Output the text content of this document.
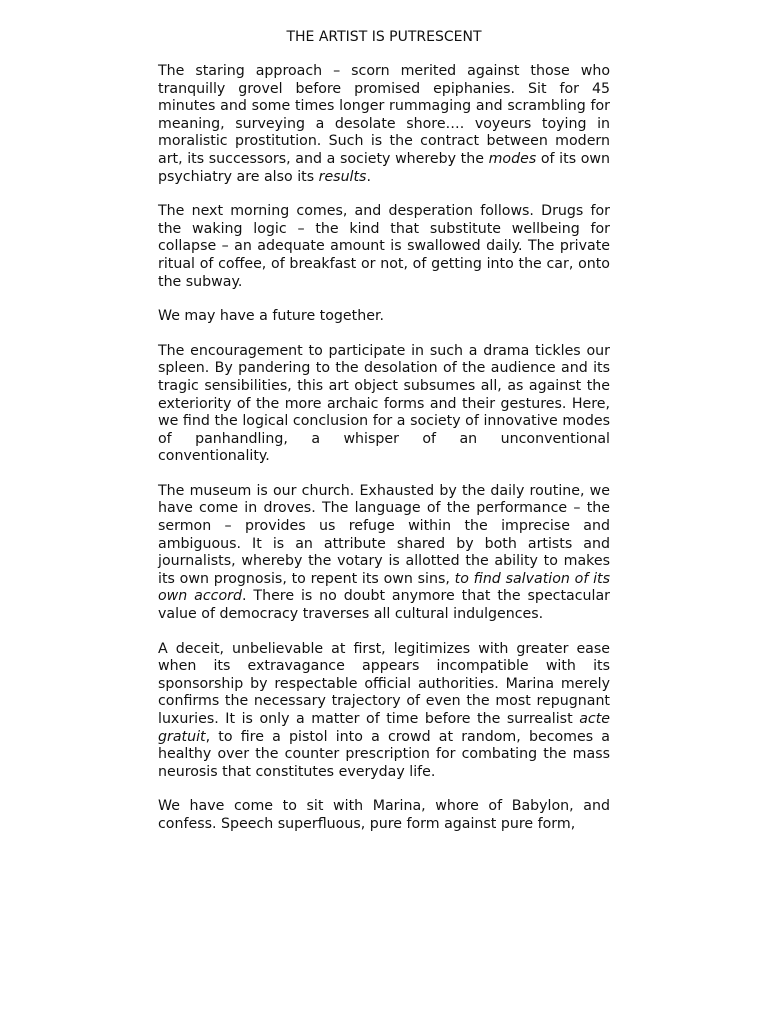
THE ARTIST IS PUTRESCENT

The staring approach – scorn merited against those who tranquilly grovel before promised epiphanies. Sit for 45 minutes and some times longer rummaging and scrambling for meaning, surveying a desolate shore…. voyeurs toying in moralistic prostitution. Such is the contract between modern art, its successors, and a society whereby the modes of its own psychiatry are also its results.

The next morning comes, and desperation follows. Drugs for the waking logic – the kind that substitute wellbeing for collapse – an adequate amount is swallowed daily. The private ritual of coffee, of breakfast or not, of getting into the car, onto the subway.

We may have a future together.

The encouragement to participate in such a drama tickles our spleen. By pandering to the desolation of the audience and its tragic sensibilities, this art object subsumes all, as against the exteriority of the more archaic forms and their gestures. Here, we find the logical conclusion for a society of innovative modes of panhandling, a whisper of an unconventional conventionality.

The museum is our church. Exhausted by the daily routine, we have come in droves. The language of the performance – the sermon – provides us refuge within the imprecise and ambiguous. It is an attribute shared by both artists and journalists, whereby the votary is allotted the ability to makes its own prognosis, to repent its own sins, to find salvation of its own accord. There is no doubt anymore that the spectacular value of democracy traverses all cultural indulgences.

A deceit, unbelievable at first, legitimizes with greater ease when its extravagance appears incompatible with its sponsorship by respectable official authorities. Marina merely confirms the necessary trajectory of even the most repugnant luxuries. It is only a matter of time before the surrealist acte gratuit, to fire a pistol into a crowd at random, becomes a healthy over the counter prescription for combating the mass neurosis that constitutes everyday life.

We have come to sit with Marina, whore of Babylon, and confess. Speech superfluous, pure form against pure form,
